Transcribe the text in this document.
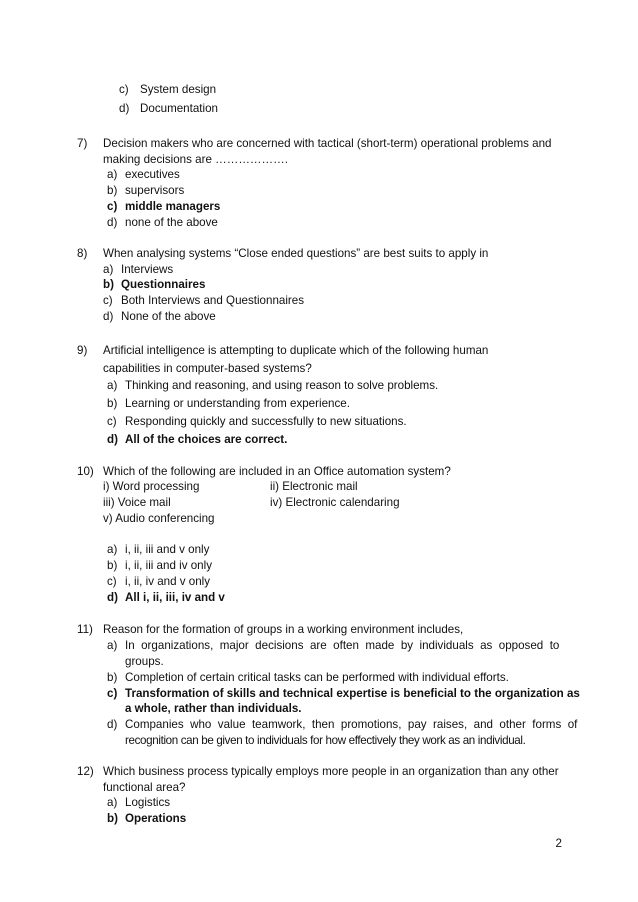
c) System design
d) Documentation
7) Decision makers who are concerned with tactical (short-term) operational problems and
making decisions are ……………….
a) executives
b) supervisors
c) middle managers
d) none of the above
8) When analysing systems “Close ended questions” are best suits to apply in
a) Interviews
b) Questionnaires
c) Both Interviews and Questionnaires
d) None of the above
9) Artificial intelligence is attempting to duplicate which of the following human
capabilities in computer-based systems?
a) Thinking and reasoning, and using reason to solve problems.
b) Learning or understanding from experience.
c) Responding quickly and successfully to new situations.
d) All of the choices are correct.
10) Which of the following are included in an Office automation system?
i) Word processing	ii) Electronic mail
iii) Voice mail	iv) Electronic calendaring
v) Audio conferencing
a) i, ii, iii and v only
b) i, ii, iii and iv only
c) i, ii, iv and v only
d) All i, ii, iii, iv and v
11) Reason for the formation of groups in a working environment includes,
a) In  organizations,  major  decisions  are  often  made  by  individuals  as  opposed  to
groups.
b) Completion of certain critical tasks can be performed with individual efforts.
c) Transformation of skills and technical expertise is beneficial to the organization as
a whole, rather than individuals.
d) Companies  who  value  teamwork,  then  promotions,  pay  raises,  and  other  forms  of
recognition can be given to individuals for how effectively they work as an individual.
12) Which business process typically employs more people in an organization than any other
functional area?
a) Logistics
b) Operations
2
